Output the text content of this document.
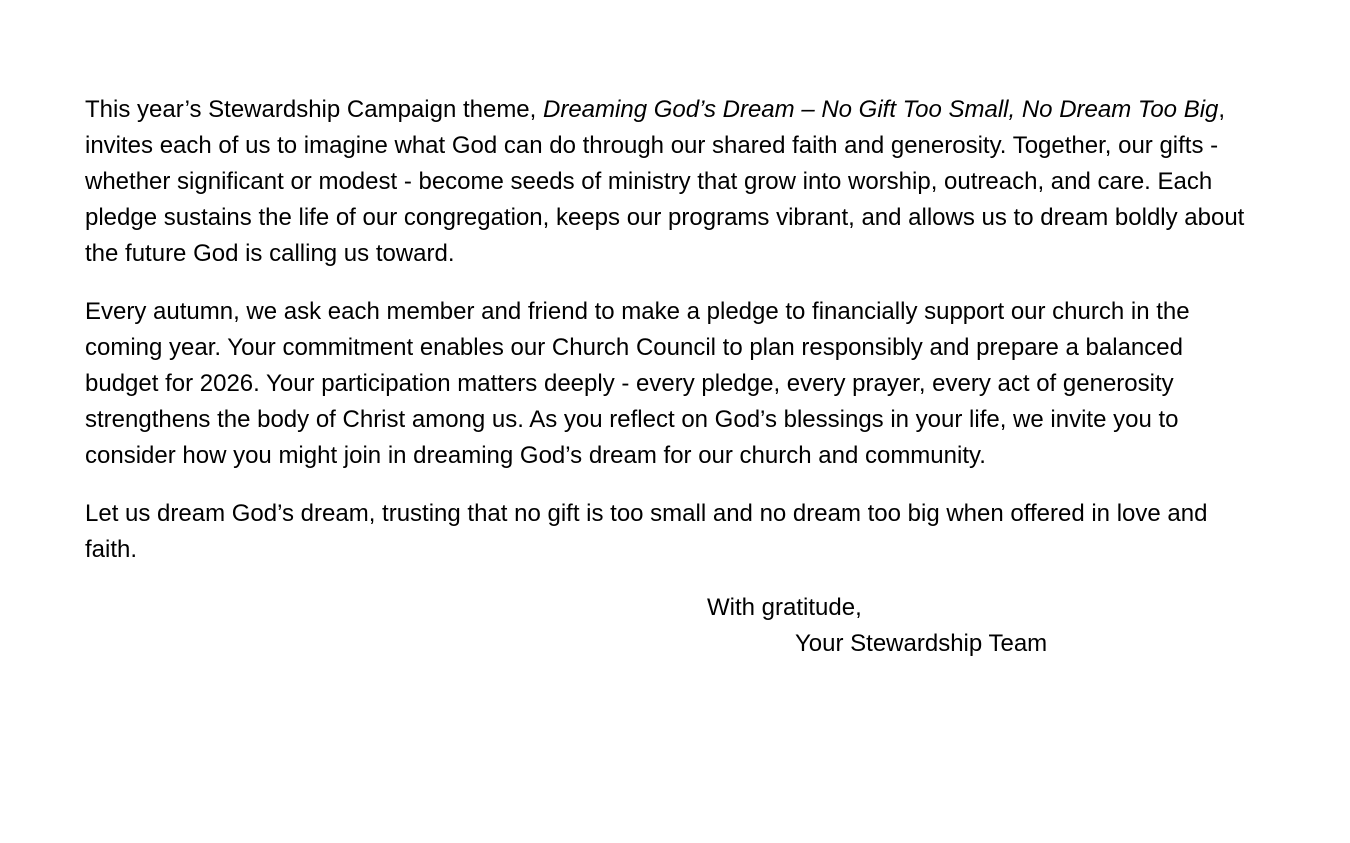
This year’s Stewardship Campaign theme, Dreaming God’s Dream – No Gift Too Small, No Dream Too Big, invites each of us to imagine what God can do through our shared faith and generosity. Together, our gifts - whether significant or modest - become seeds of ministry that grow into worship, outreach, and care. Each pledge sustains the life of our congregation, keeps our programs vibrant, and allows us to dream boldly about the future God is calling us toward.

Every autumn, we ask each member and friend to make a pledge to financially support our church in the coming year. Your commitment enables our Church Council to plan responsibly and prepare a balanced budget for 2026. Your participation matters deeply - every pledge, every prayer, every act of generosity strengthens the body of Christ among us. As you reflect on God’s blessings in your life, we invite you to consider how you might join in dreaming God’s dream for our church and community.

Let us dream God’s dream, trusting that no gift is too small and no dream too big when offered in love and faith.

With gratitude,

Your Stewardship Team
